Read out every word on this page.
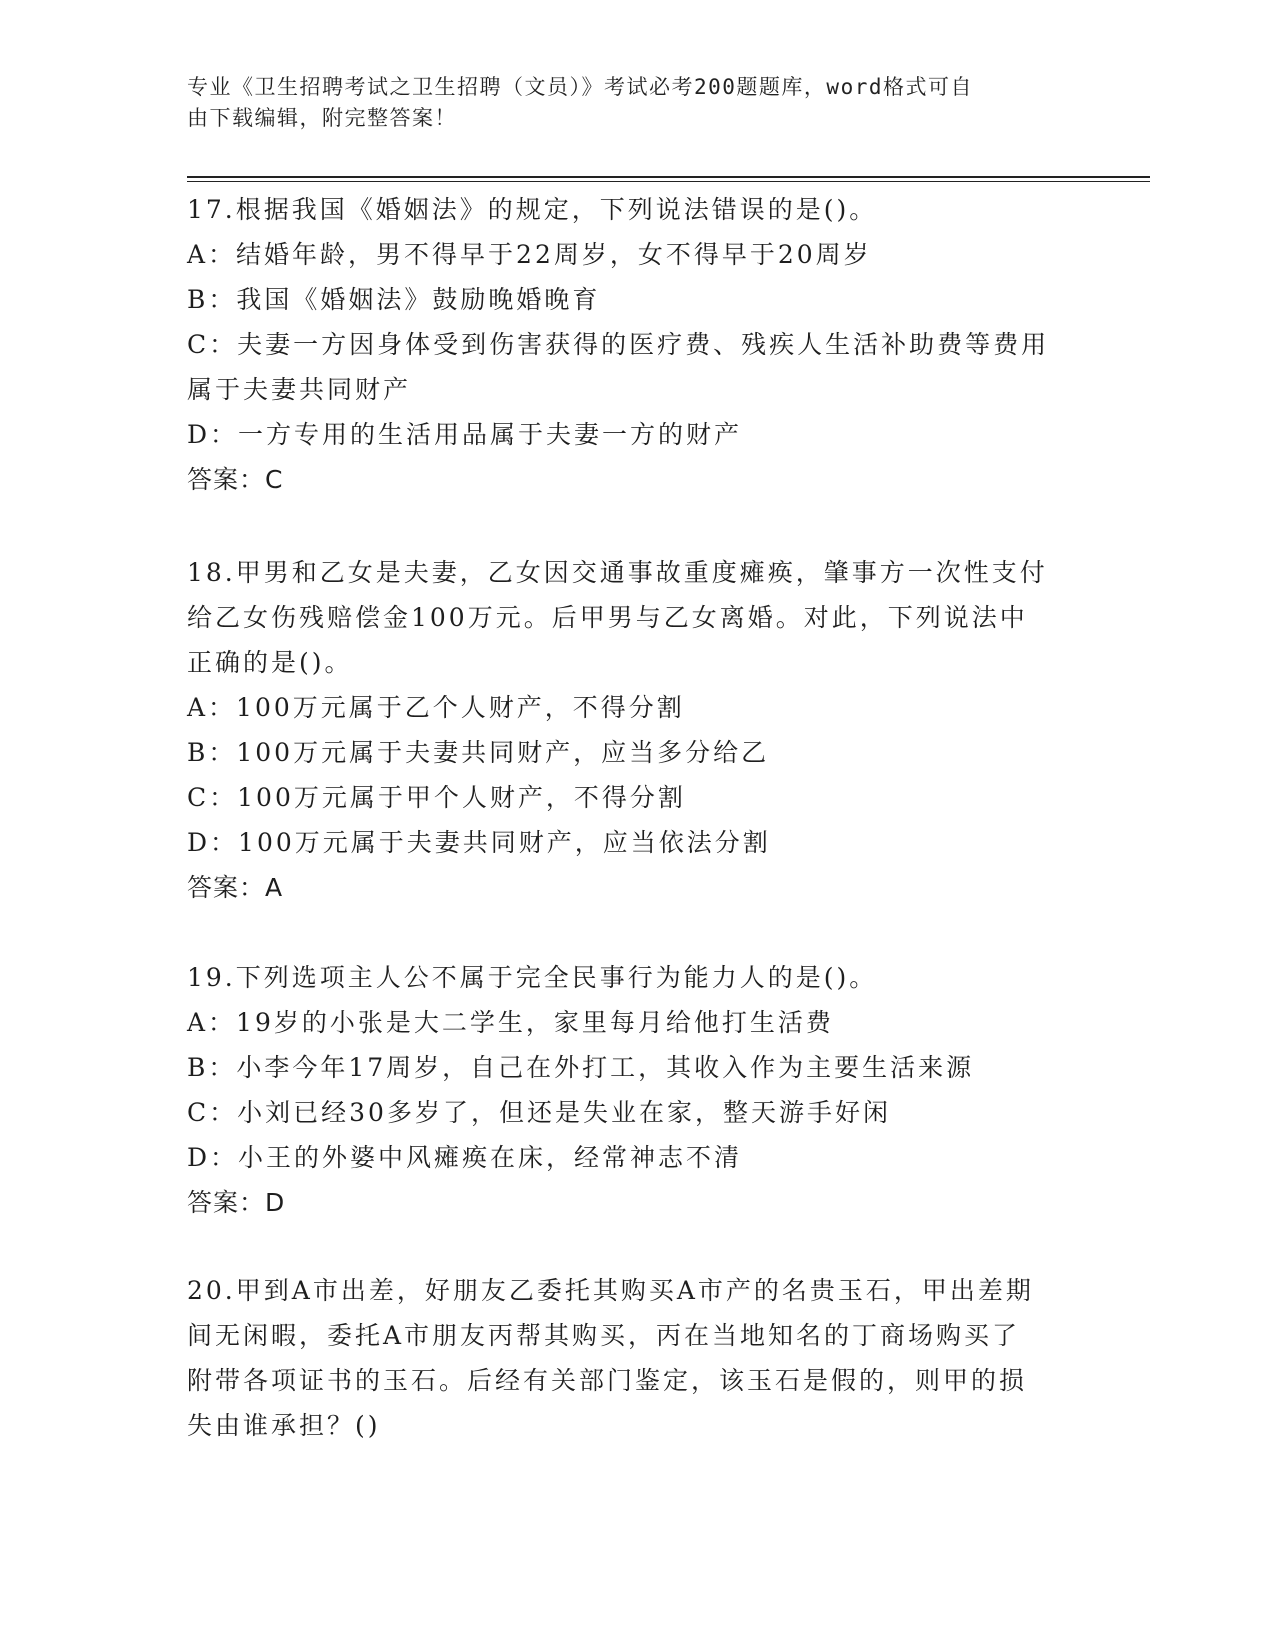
专业《卫生招聘考试之卫生招聘（文员）》考试必考200题题库，word格式可自
由下载编辑，附完整答案！
17.根据我国《婚姻法》的规定，下列说法错误的是()。
A：结婚年龄，男不得早于22周岁，女不得早于20周岁
B：我国《婚姻法》鼓励晚婚晚育
C：夫妻一方因身体受到伤害获得的医疗费、残疾人生活补助费等费用
属于夫妻共同财产
D：一方专用的生活用品属于夫妻一方的财产
答案：C
18.甲男和乙女是夫妻，乙女因交通事故重度瘫痪，肇事方一次性支付
给乙女伤残赔偿金100万元。后甲男与乙女离婚。对此，下列说法中
正确的是()。
A：100万元属于乙个人财产，不得分割
B：100万元属于夫妻共同财产，应当多分给乙
C：100万元属于甲个人财产，不得分割
D：100万元属于夫妻共同财产，应当依法分割
答案：A
19.下列选项主人公不属于完全民事行为能力人的是()。
A：19岁的小张是大二学生，家里每月给他打生活费
B：小李今年17周岁，自己在外打工，其收入作为主要生活来源
C：小刘已经30多岁了，但还是失业在家，整天游手好闲
D：小王的外婆中风瘫痪在床，经常神志不清
答案：D
20.甲到A市出差，好朋友乙委托其购买A市产的名贵玉石，甲出差期
间无闲暇，委托A市朋友丙帮其购买，丙在当地知名的丁商场购买了
附带各项证书的玉石。后经有关部门鉴定，该玉石是假的，则甲的损
失由谁承担？()
